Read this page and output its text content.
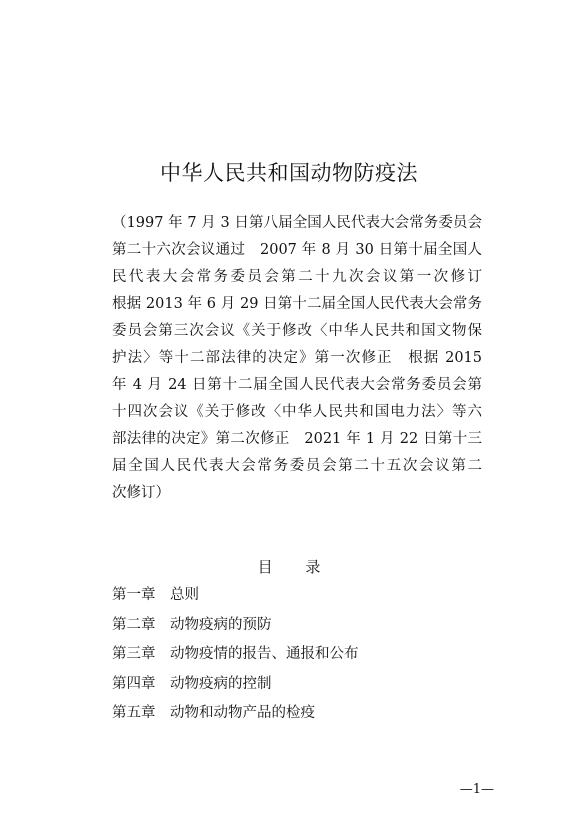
中华人民共和国动物防疫法
（1997 年 7 月 3 日第八届全国人民代表大会常务委员会
第二十六次会议通过　2007 年 8 月 30 日第十届全国人
民代表大会常务委员会第二十九次会议第一次修订
根据 2013 年 6 月 29 日第十二届全国人民代表大会常务
委员会第三次会议《关于修改〈中华人民共和国文物保
护法〉等十二部法律的决定》第一次修正　根据 2015
年 4 月 24 日第十二届全国人民代表大会常务委员会第
十四次会议《关于修改〈中华人民共和国电力法〉等六
部法律的决定》第二次修正　2021 年 1 月 22 日第十三
届全国人民代表大会常务委员会第二十五次会议第二
次修订）
目 录
第一章 总则
第二章 动物疫病的预防
第三章 动物疫情的报告、通报和公布
第四章 动物疫病的控制
第五章 动物和动物产品的检疫
—1—
